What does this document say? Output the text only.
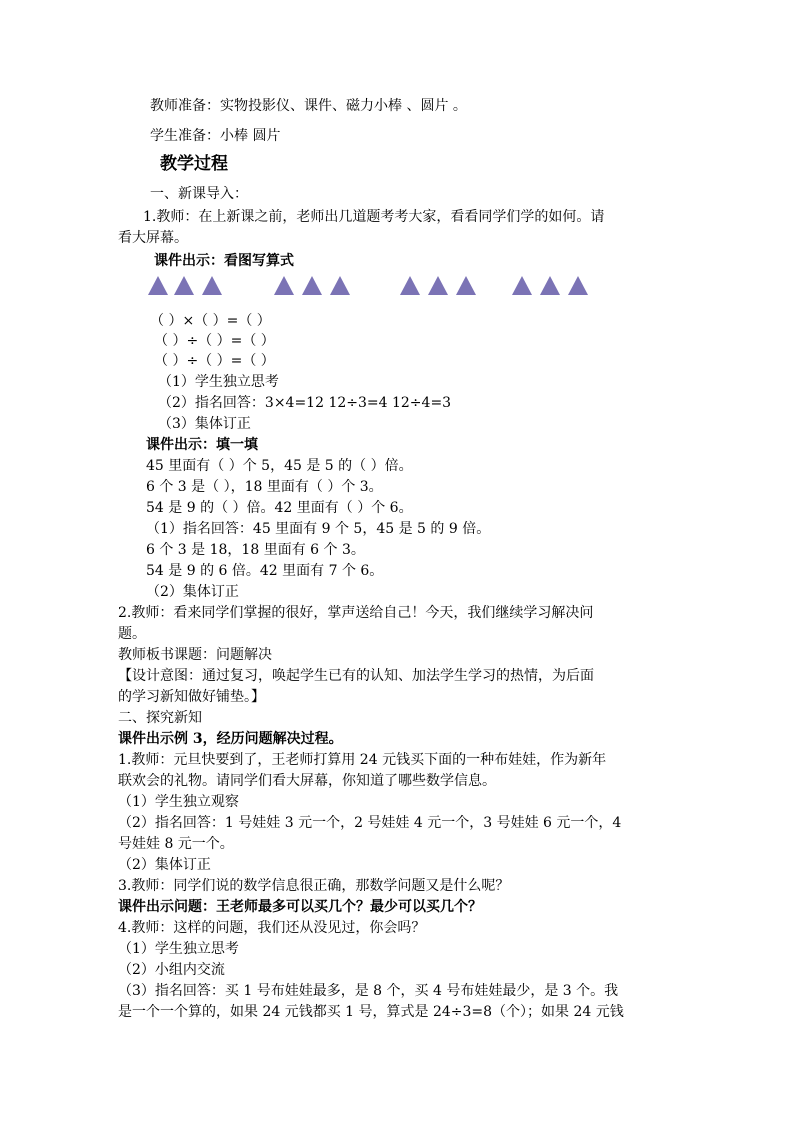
教师准备：实物投影仪、课件、磁力小棒 、圆片 。
学生准备：小棒 圆片
教学过程
一、新课导入：
1.教师：在上新课之前，老师出几道题考考大家，看看同学们学的如何。请
看大屏幕。
课件出示：看图写算式
（ ）×（ ）=（ ）
（ ）÷（ ）=（ ）
（ ）÷（ ）=（ ）
（1）学生独立思考
（2）指名回答：3×4=12 12÷3=4 12÷4=3
（3）集体订正
课件出示：填一填
45 里面有（ ）个 5，45 是 5 的（ ）倍。
6 个 3 是（ ），18 里面有（ ）个 3。
54 是 9 的（ ）倍。42 里面有（ ）个 6。
（1）指名回答：45 里面有 9 个 5，45 是 5 的 9 倍。
6 个 3 是 18，18 里面有 6 个 3。
54 是 9 的 6 倍。42 里面有 7 个 6。
（2）集体订正
2.教师：看来同学们掌握的很好，掌声送给自己！今天，我们继续学习解决问
题。
教师板书课题：问题解决
【设计意图：通过复习，唤起学生已有的认知、加法学生学习的热情，为后面
的学习新知做好铺垫。】
二、探究新知
课件出示例 3，经历问题解决过程。
1.教师：元旦快要到了，王老师打算用 24 元钱买下面的一种布娃娃，作为新年
联欢会的礼物。请同学们看大屏幕，你知道了哪些数学信息。
（1）学生独立观察
（2）指名回答：1 号娃娃 3 元一个，2 号娃娃 4 元一个，3 号娃娃 6 元一个，4
号娃娃 8 元一个。
（2）集体订正
3.教师：同学们说的数学信息很正确，那数学问题又是什么呢？
课件出示问题：王老师最多可以买几个？最少可以买几个？
4.教师：这样的问题，我们还从没见过，你会吗？
（1）学生独立思考
（2）小组内交流
（3）指名回答：买 1 号布娃娃最多，是 8 个，买 4 号布娃娃最少，是 3 个。我
是一个一个算的，如果 24 元钱都买 1 号，算式是 24÷3=8（个）；如果 24 元钱
